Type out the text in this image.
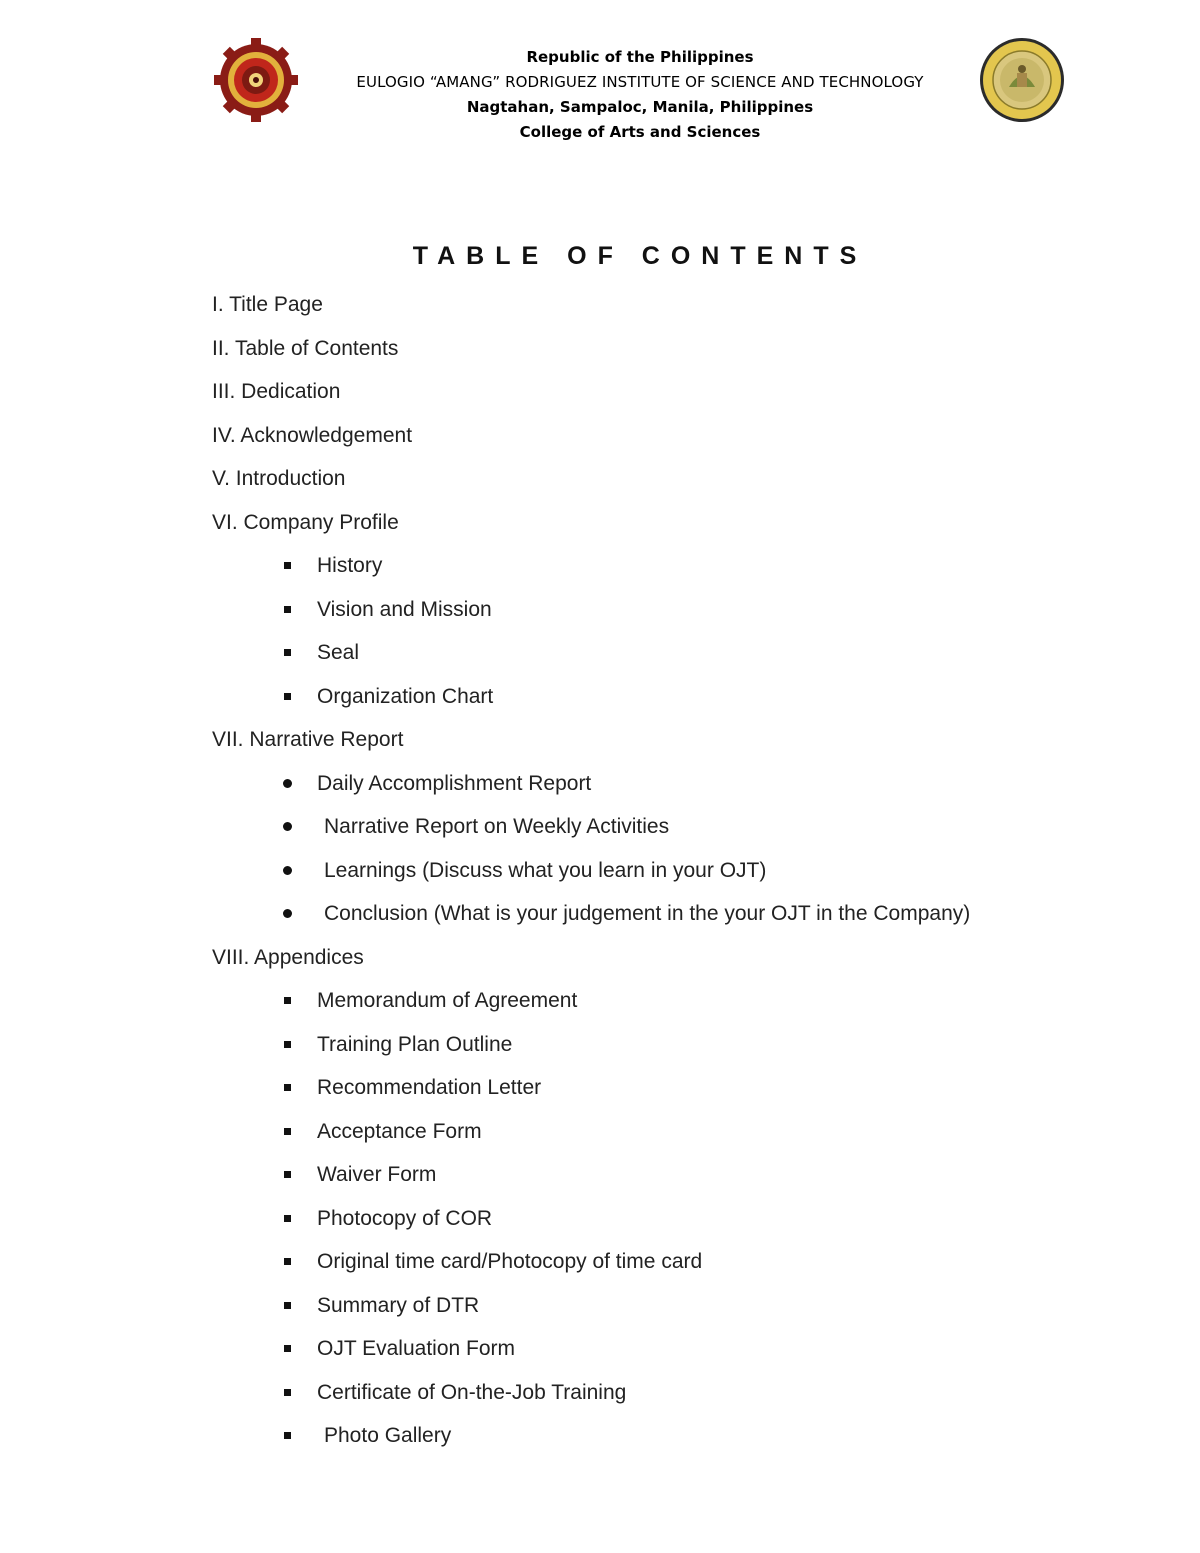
Republic of the Philippines
EULOGIO “AMANG” RODRIGUEZ INSTITUTE OF SCIENCE AND TECHNOLOGY
Nagtahan, Sampaloc, Manila, Philippines
College of Arts and Sciences
TABLE OF CONTENTS
I. Title Page
II. Table of Contents
III. Dedication
IV. Acknowledgement
V. Introduction
VI. Company Profile
History
Vision and Mission
Seal
Organization Chart
VII. Narrative Report
Daily Accomplishment Report
Narrative Report on Weekly Activities
Learnings (Discuss what you learn in your OJT)
Conclusion (What is your judgement in the your OJT in the Company)
VIII. Appendices
Memorandum of Agreement
Training Plan Outline
Recommendation Letter
Acceptance Form
Waiver Form
Photocopy of COR
Original time card/Photocopy of time card
Summary of DTR
OJT Evaluation Form
Certificate of On-the-Job Training
Photo Gallery
